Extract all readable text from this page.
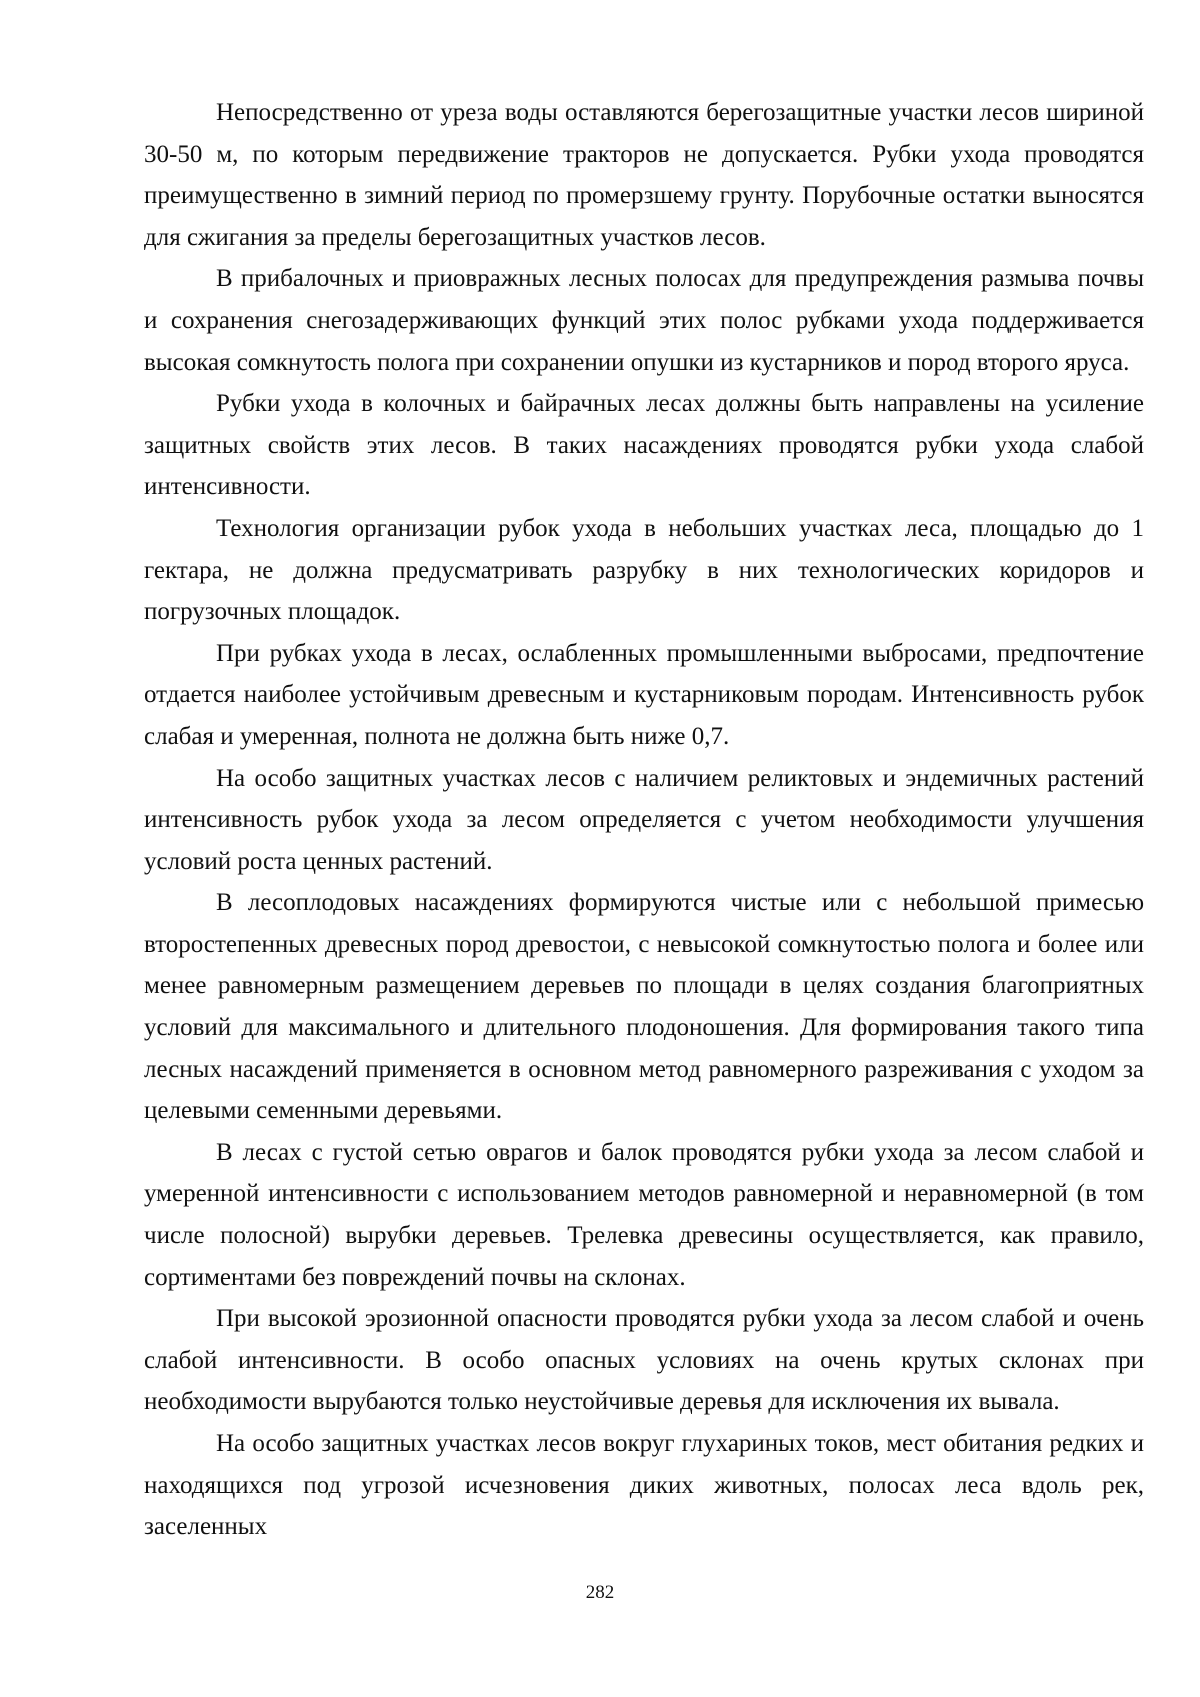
Непосредственно от уреза воды оставляются берегозащитные участки лесов шириной 30-50 м, по которым передвижение тракторов не допускается. Рубки ухода проводятся преимущественно в зимний период по промерзшему грунту. Порубочные остатки выносятся для сжигания за пределы берегозащитных участков лесов.

В прибалочных и приовражных лесных полосах для предупреждения размыва почвы и сохранения снегозадерживающих функций этих полос рубками ухода поддерживается высокая сомкнутость полога при сохранении опушки из кустарников и пород второго яруса.

Рубки ухода в колочных и байрачных лесах должны быть направлены на усиление защитных свойств этих лесов. В таких насаждениях проводятся рубки ухода слабой интенсивности.

Технология организации рубок ухода в небольших участках леса, площадью до 1 гектара, не должна предусматривать разрубку в них технологических коридоров и погрузочных площадок.

При рубках ухода в лесах, ослабленных промышленными выбросами, предпочтение отдается наиболее устойчивым древесным и кустарниковым породам. Интенсивность рубок слабая и умеренная, полнота не должна быть ниже 0,7.

На особо защитных участках лесов с наличием реликтовых и эндемичных растений интенсивность рубок ухода за лесом определяется с учетом необходимости улучшения условий роста ценных растений.

В лесоплодовых насаждениях формируются чистые или с небольшой примесью второстепенных древесных пород древостои, с невысокой сомкнутостью полога и более или менее равномерным размещением деревьев по площади в целях создания благоприятных условий для максимального и длительного плодоношения. Для формирования такого типа лесных насаждений применяется в основном метод равномерного разреживания с уходом за целевыми семенными деревьями.

В лесах с густой сетью оврагов и балок проводятся рубки ухода за лесом слабой и умеренной интенсивности с использованием методов равномерной и неравномерной (в том числе полосной) вырубки деревьев. Трелевка древесины осуществляется, как правило, сортиментами без повреждений почвы на склонах.

При высокой эрозионной опасности проводятся рубки ухода за лесом слабой и очень слабой интенсивности. В особо опасных условиях на очень крутых склонах при необходимости вырубаются только неустойчивые деревья для исключения их вывала.

На особо защитных участках лесов вокруг глухариных токов, мест обитания редких и находящихся под угрозой исчезновения диких животных, полосах леса вдоль рек, заселенных

282
